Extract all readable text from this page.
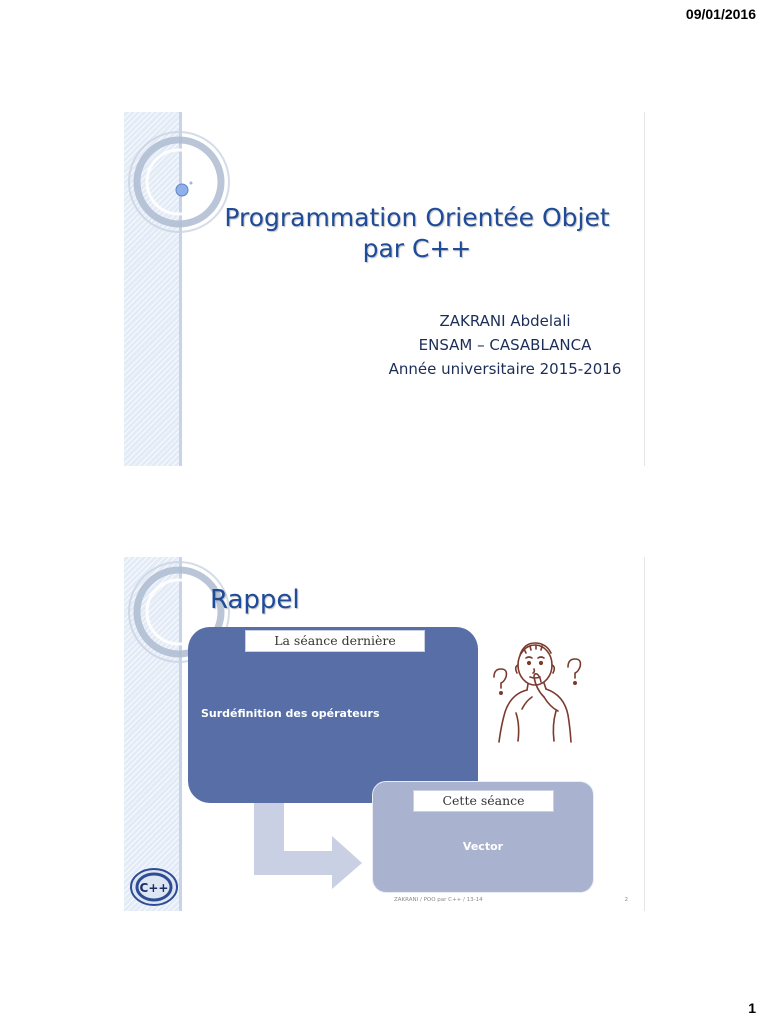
09/01/2016
Programmation Orientée Objet
par C++
ZAKRANI Abdelali
ENSAM – CASABLANCA
Année universitaire 2015-2016
Rappel
La séance dernière
Surdéfinition des opérateurs
Cette séance
Vector
C++
ZAKRANI / POO par C++ / 13-14	2
1
